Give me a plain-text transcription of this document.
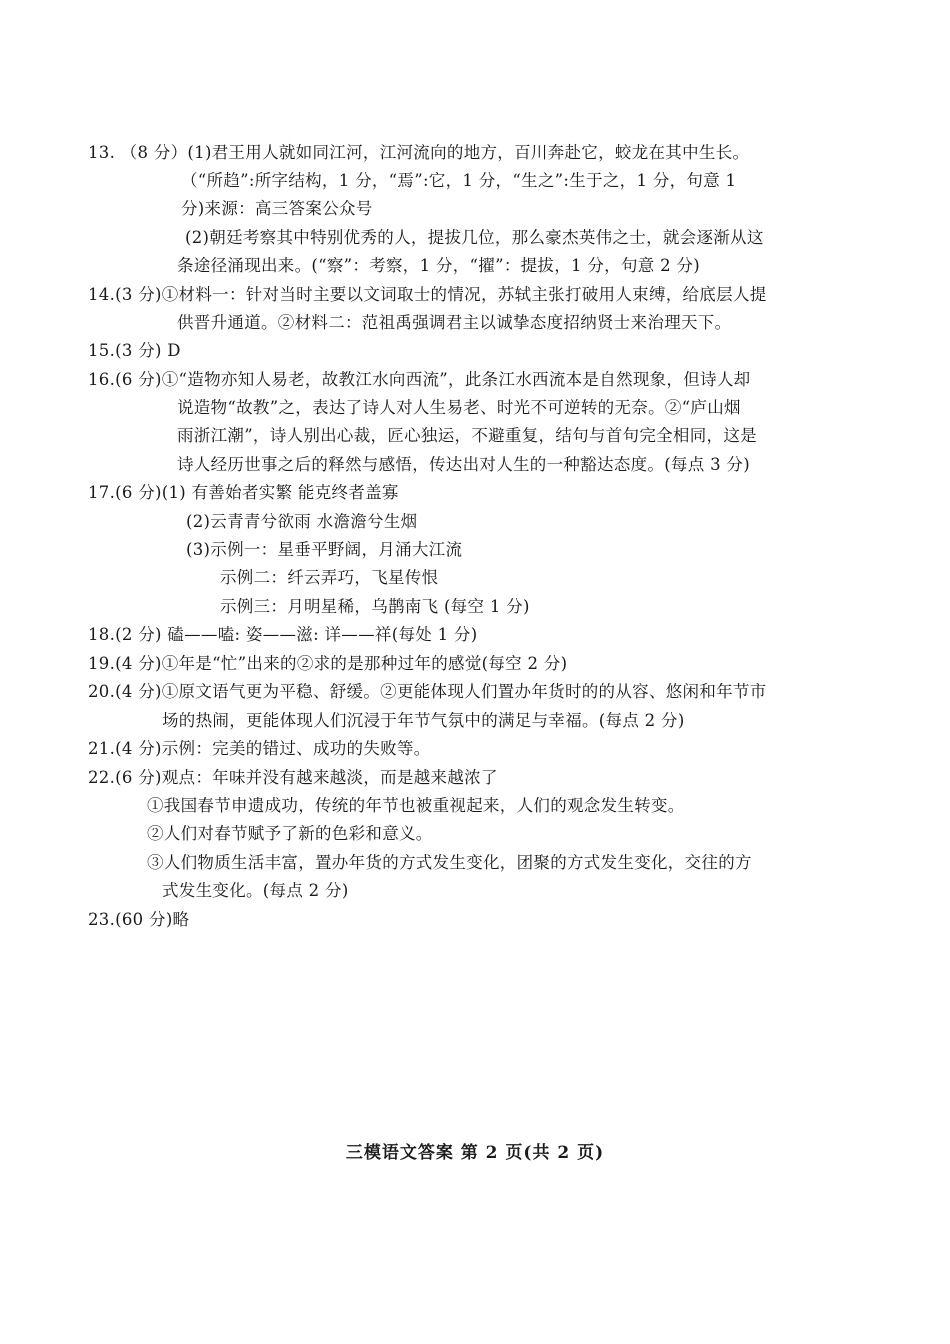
13. （8 分）(1)君王用人就如同江河，江河流向的地方，百川奔赴它，蛟龙在其中生长。
（“所趋”:所字结构，1 分，“焉”:它，1 分，“生之”:生于之，1 分，句意 1
分)来源：高三答案公众号
(2)朝廷考察其中特别优秀的人，提拔几位，那么豪杰英伟之士，就会逐渐从这
条途径涌现出来。(“察”：考察，1 分，“擢”：提拔，1 分，句意 2 分)
14.(3 分)①材料一：针对当时主要以文词取士的情况，苏轼主张打破用人束缚，给底层人提
供晋升通道。②材料二：范祖禹强调君主以诚挚态度招纳贤士来治理天下。
15.(3 分) D
16.(6 分)①“造物亦知人易老，故教江水向西流”，此条江水西流本是自然现象，但诗人却
说造物“故教”之，表达了诗人对人生易老、时光不可逆转的无奈。②“庐山烟
雨浙江潮”，诗人别出心裁，匠心独运，不避重复，结句与首句完全相同，这是
诗人经历世事之后的释然与感悟，传达出对人生的一种豁达态度。(每点 3 分)
17.(6 分)(1) 有善始者实繁 能克终者盖寡
(2)云青青兮欲雨 水澹澹兮生烟
(3)示例一：星垂平野阔，月涌大江流
示例二：纤云弄巧，飞星传恨
示例三：月明星稀，乌鹊南飞 (每空 1 分)
18.(2 分) 磕——嗑: 姿——滋: 详——祥(每处 1 分)
19.(4 分)①年是“忙”出来的②求的是那种过年的感觉(每空 2 分)
20.(4 分)①原文语气更为平稳、舒缓。②更能体现人们置办年货时的的从容、悠闲和年节市
场的热闹，更能体现人们沉浸于年节气氛中的满足与幸福。(每点 2 分)
21.(4 分)示例：完美的错过、成功的失败等。
22.(6 分)观点：年味并没有越来越淡，而是越来越浓了
①我国春节申遗成功，传统的年节也被重视起来，人们的观念发生转变。
②人们对春节赋予了新的色彩和意义。
③人们物质生活丰富，置办年货的方式发生变化，团聚的方式发生变化，交往的方
式发生变化。(每点 2 分)
23.(60 分)略
三模语文答案 第 2 页(共 2 页)
